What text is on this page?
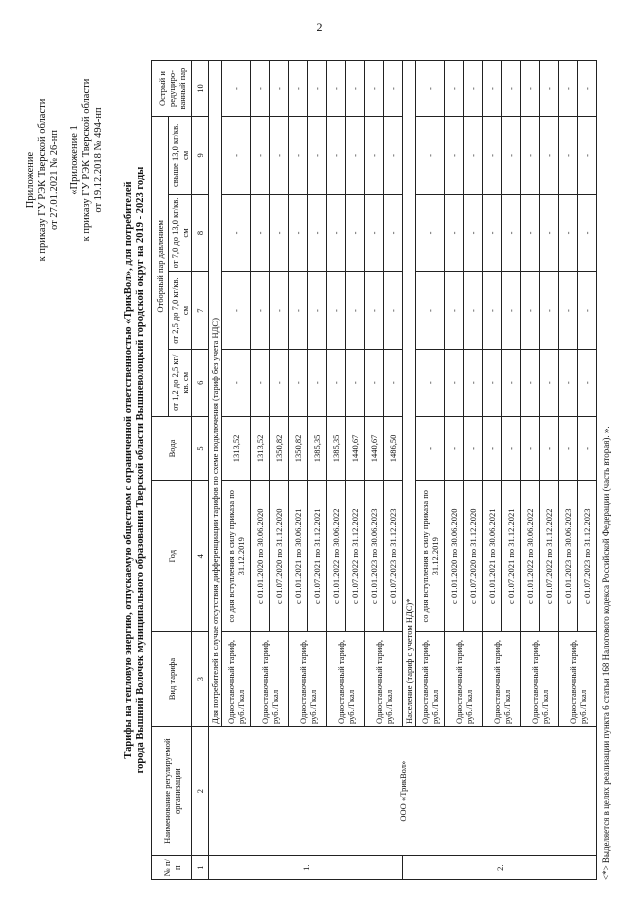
2
Приложение к приказу ГУ РЭК Тверской области от 27.01.2021 № 26-нп «Приложение 1 к приказу ГУ РЭК Тверской области от 19.12.2018 № 494-нп
Тарифы на тепловую энергию, отпускаемую обществом с ограниченной ответственностью «ТрикВол», для потребителей города Вышний Волочек муниципального образования Тверской области Вышневолоцкий городской округ на 2019 - 2023 годы
№ п/ п	Наименование регулируемой организации	Вид тарифа	Год	Вода	Отборный пар давлением				Острый и редуциро-ванный пар
					от 1,2 до 2,5 кг/кв. см	от 2,5 до 7,0 кг/кв. см	от 7,0 до 13,0 кг/кв. см	свыше 13,0 кг/кв. см	
1	2	3	4	5	6	7	8	9	10
1.	ООО «ТрикВол»	Для потребителей в случае отсутствия дифференциации тарифов по схеме подключения (тариф без учета НДС)							
		Одноставочный тариф, руб./Гкал	со дня вступления в силу приказа по 31.12.2019	1313,52	-	-	-	-	-
		Одноставочный тариф, руб./Гкал	с 01.01.2020 по 30.06.2020	1313,52	-	-	-	-	-
			с 01.07.2020 по 31.12.2020	1350,82	-	-	-	-	-
		Одноставочный тариф, руб./Гкал	с 01.01.2021 по 30.06.2021	1350,82	-	-	-	-	-
			с 01.07.2021 по 31.12.2021	1385,35	-	-	-	-	-
		Одноставочный тариф, руб./Гкал	с 01.01.2022 по 30.06.2022	1385,35	-	-	-	-	-
			с 01.07.2022 по 31.12.2022	1440,67	-	-	-	-	-
		Одноставочный тариф, руб./Гкал	с 01.01.2023 по 30.06.2023	1440,67	-	-	-	-	-
			с 01.07.2023 по 31.12.2023	1486,50	-	-	-	-	-
2.		Население (тариф с учетом НДС)*							
		Одноставочный тариф, руб./Гкал	со дня вступления в силу приказа по 31.12.2019	-	-	-	-	-	-
		Одноставочный тариф, руб./Гкал	с 01.01.2020 по 30.06.2020	-	-	-	-	-	-
			с 01.07.2020 по 31.12.2020	-	-	-	-	-	-
		Одноставочный тариф, руб./Гкал	с 01.01.2021 по 30.06.2021	-	-	-	-	-	-
			с 01.07.2021 по 31.12.2021	-	-	-	-	-	-
		Одноставочный тариф, руб./Гкал	с 01.01.2022 по 30.06.2022	-	-	-	-	-	-
			с 01.07.2022 по 31.12.2022	-	-	-	-	-	-
		Одноставочный тариф, руб./Гкал	с 01.01.2023 по 30.06.2023	-	-	-	-	-	-
			с 01.07.2023 по 31.12.2023	-	-	-	-	-	-
<*> Выделяется в целях реализации пункта 6 статьи 168 Налогового кодекса Российской Федерации (часть вторая). ».
